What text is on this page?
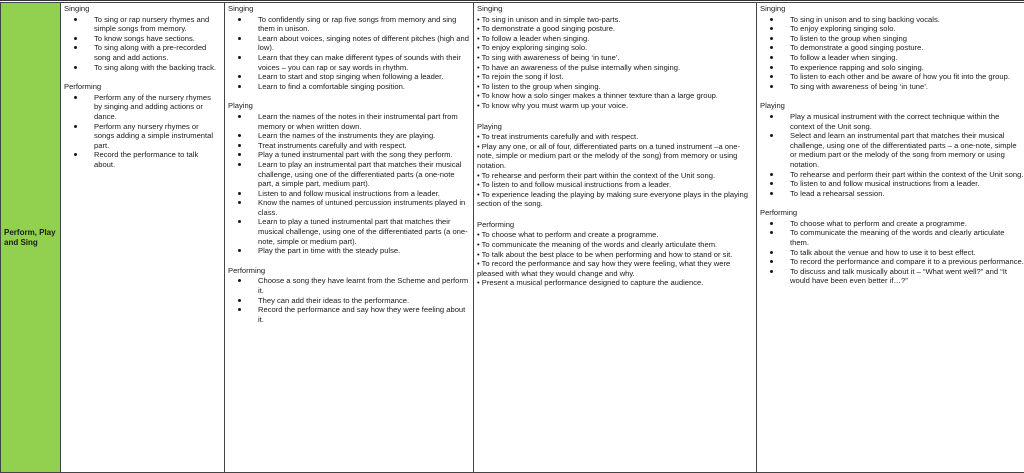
Perform, Play and Sing	
Singing
To sing or rap nursery rhymes and simple songs from memory.
To know songs have sections.
To sing along with a pre-recorded song and add actions.
To sing along with the backing track.
Performing
Perform any of the nursery rhymes by singing and adding actions or dance.
Perform any nursery rhymes or songs adding a simple instrumental part.
Record the performance to talk about.

Singing
To confidently sing or rap five songs from memory and sing them in unison.
Learn about voices, singing notes of different pitches (high and low).
Learn that they can make different types of sounds with their voices – you can rap or say words in rhythm.
Learn to start and stop singing when following a leader.
Learn to find a comfortable singing position.
Playing
Learn the names of the notes in their instrumental part from memory or when written down.
Learn the names of the instruments they are playing.
Treat instruments carefully and with respect.
Play a tuned instrumental part with the song they perform.
Learn to play an instrumental part that matches their musical challenge, using one of the differentiated parts (a one-note part, a simple part, medium part).
Listen to and follow musical instructions from a leader.
Know the names of untuned percussion instruments played in class.
Learn to play a tuned instrumental part that matches their musical challenge, using one of the differentiated parts (a one-note, simple or medium part).
Play the part in time with the steady pulse.
Performing
Choose a song they have learnt from the Scheme and perform it.
They can add their ideas to the performance.
Record the performance and say how they were feeling about it.

Singing
• To sing in unison and in simple two-parts.
• To demonstrate a good singing posture.
• To follow a leader when singing.
• To enjoy exploring singing solo.
• To sing with awareness of being ‘in tune’.
• To have an awareness of the pulse internally when singing.
• To rejoin the song if lost.
• To listen to the group when singing.
• To know how a solo singer makes a thinner texture than a large group.
• To know why you must warm up your voice.
Playing
• To treat instruments carefully and with respect.
• Play any one, or all of four, differentiated parts on a tuned instrument –a one-note, simple or medium part or the melody of the song) from memory or using notation.
• To rehearse and perform their part within the context of the Unit song.
• To listen to and follow musical instructions from a leader.
• To experience leading the playing by making sure everyone plays in the playing section of the song.
Performing
• To choose what to perform and create a programme.
• To communicate the meaning of the words and clearly articulate them.
• To talk about the best place to be when performing and how to stand or sit.
• To record the performance and say how they were feeling, what they were pleased with what they would change and why.
• Present a musical performance designed to capture the audience.

Singing
To sing in unison and to sing backing vocals.
To enjoy exploring singing solo.
To listen to the group when singing
To demonstrate a good singing posture.
To follow a leader when singing.
To experience rapping and solo singing.
To listen to each other and be aware of how you fit into the group.
To sing with awareness of being ‘in tune’.
Playing
Play a musical instrument with the correct technique within the context of the Unit song.
Select and learn an instrumental part that matches their musical challenge, using one of the differentiated parts – a one-note, simple or medium part or the melody of the song from memory or using notation.
To rehearse and perform their part within the context of the Unit song.
To listen to and follow musical instructions from a leader.
To lead a rehearsal session.
Performing
To choose what to perform and create a programme.
To communicate the meaning of the words and clearly articulate them.
To talk about the venue and how to use it to best effect.
To record the performance and compare it to a previous performance.
To discuss and talk musically about it – “What went well?” and “It would have been even better if…?”
